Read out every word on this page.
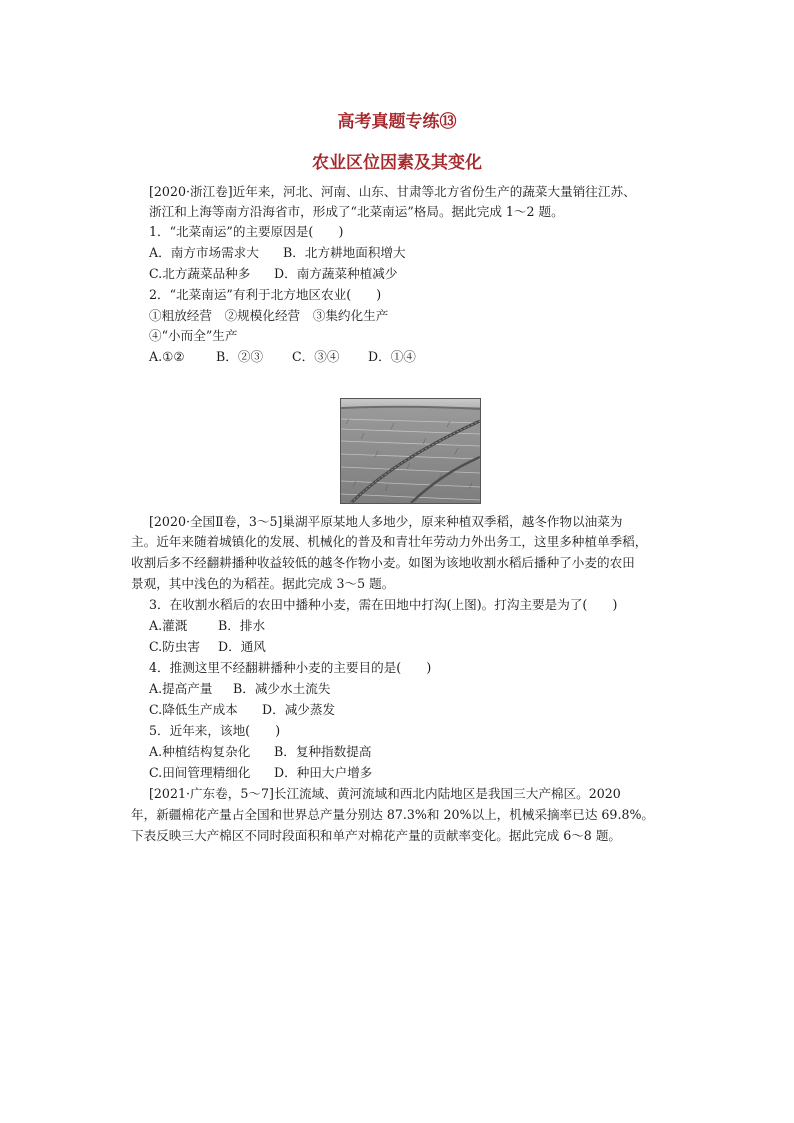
高考真题专练⑬
农业区位因素及其变化
[2020·浙江卷]近年来，河北、河南、山东、甘肃等北方省份生产的蔬菜大量销往江苏、
浙江和上海等南方沿海省市，形成了“北菜南运”格局。据此完成 1～2 题。
1．“北菜南运”的主要原因是(　　)
A．南方市场需求大 B．北方耕地面积增大
C.北方蔬菜品种多 D．南方蔬菜种植减少
2．“北菜南运”有利于北方地区农业(　　)
①粗放经营　②规模化经营　③集约化生产
④“小而全”生产
A.①② B．②③ C．③④ D．①④
[2020·全国Ⅱ卷，3～5]巢湖平原某地人多地少，原来种植双季稻，越冬作物以油菜为
主。近年来随着城镇化的发展、机械化的普及和青壮年劳动力外出务工，这里多种植单季稻，
收割后多不经翻耕播种收益较低的越冬作物小麦。如图为该地收割水稻后播种了小麦的农田
景观，其中浅色的为稻茬。据此完成 3～5 题。
3．在收割水稻后的农田中播种小麦，需在田地中打沟(上图)。打沟主要是为了(　　)
A.灌溉 B．排水
C.防虫害 D．通风
4．推测这里不经翻耕播种小麦的主要目的是(　　)
A.提高产量 B．减少水土流失
C.降低生产成本 D．减少蒸发
5．近年来，该地(　　)
A.种植结构复杂化 B．复种指数提高
C.田间管理精细化 D．种田大户增多
[2021·广东卷，5～7]长江流域、黄河流域和西北内陆地区是我国三大产棉区。2020
年，新疆棉花产量占全国和世界总产量分别达 87.3%和 20%以上，机械采摘率已达 69.8%。
下表反映三大产棉区不同时段面积和单产对棉花产量的贡献率变化。据此完成 6～8 题。
